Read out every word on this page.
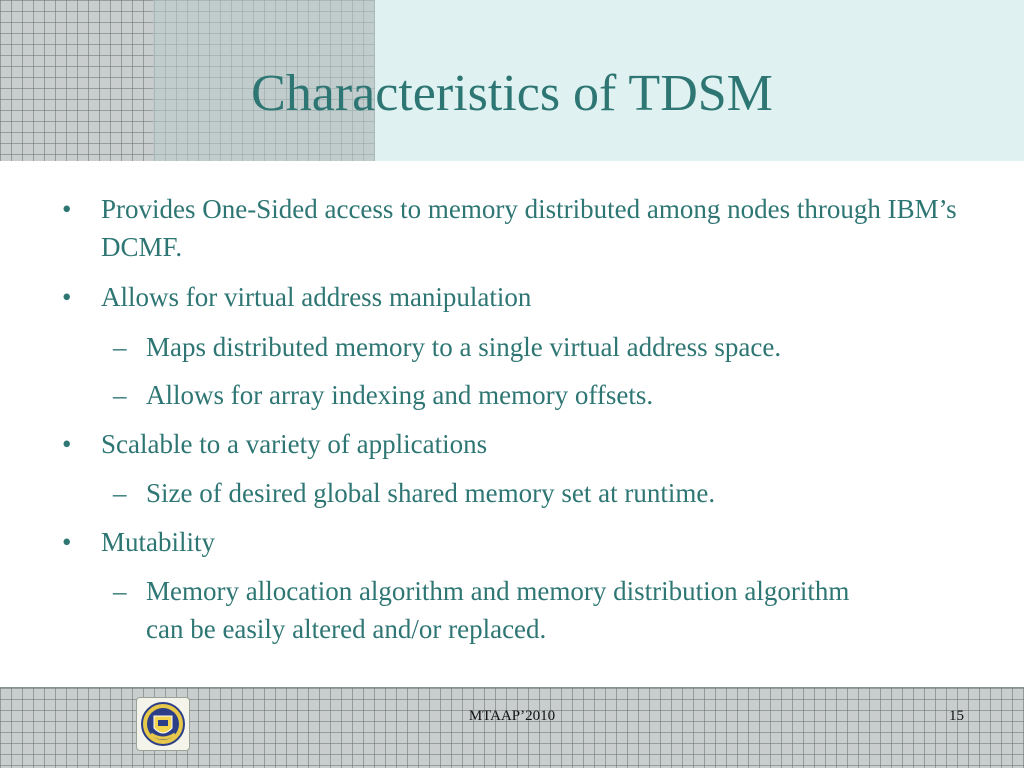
Characteristics of TDSM
• Provides One-Sided access to memory distributed among nodes through IBM’s DCMF.
• Allows for virtual address manipulation
– Maps distributed memory to a single virtual address space.
– Allows for array indexing and memory offsets.
• Scalable to a variety of applications
– Size of desired global shared memory set at runtime.
• Mutability
– Memory allocation algorithm and memory distribution algorithm can be easily altered and/or replaced.
MTAAP’2010	15
